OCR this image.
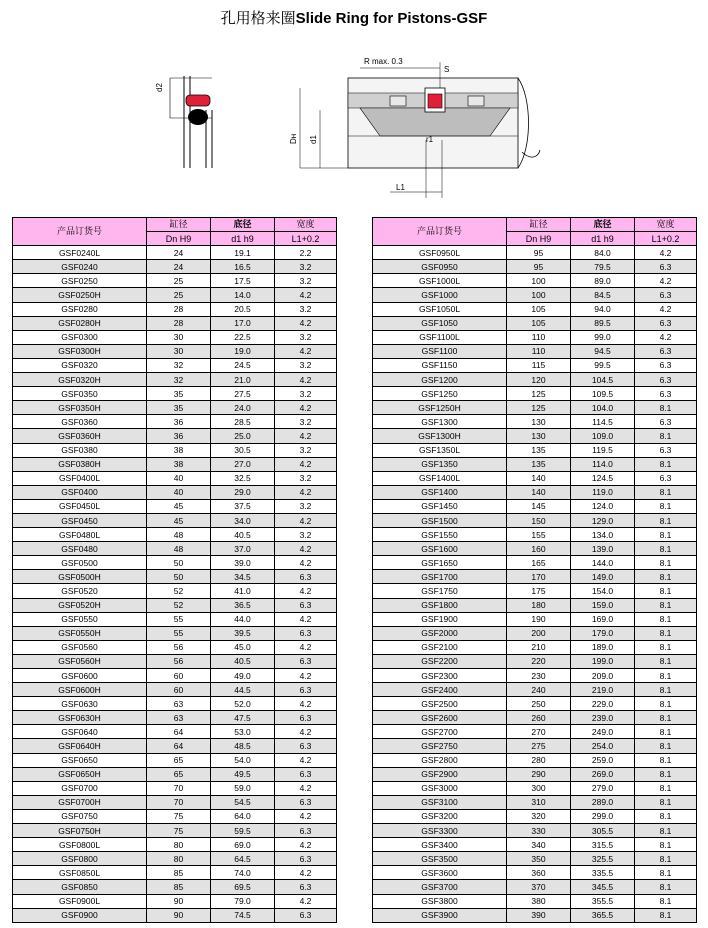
孔用格来圈Slide Ring for Pistons-GSF
d2
R max. 0.3
S
Dн d1	r1
L1
产品订货号	缸径	底径	宽度
	Dn H9	d1 h9	L1+0.2
GSF0240L	24	19.1	2.2
GSF0240	24	16.5	3.2
GSF0250	25	17.5	3.2
GSF0250H	25	14.0	4.2
GSF0280	28	20.5	3.2
GSF0280H	28	17.0	4.2
GSF0300	30	22.5	3.2
GSF0300H	30	19.0	4.2
GSF0320	32	24.5	3.2
GSF0320H	32	21.0	4.2
GSF0350	35	27.5	3.2
GSF0350H	35	24.0	4.2
GSF0360	36	28.5	3.2
GSF0360H	36	25.0	4.2
GSF0380	38	30.5	3.2
GSF0380H	38	27.0	4.2
GSF0400L	40	32.5	3.2
GSF0400	40	29.0	4.2
GSF0450L	45	37.5	3.2
GSF0450	45	34.0	4.2
GSF0480L	48	40.5	3.2
GSF0480	48	37.0	4.2
GSF0500	50	39.0	4.2
GSF0500H	50	34.5	6.3
GSF0520	52	41.0	4.2
GSF0520H	52	36.5	6.3
GSF0550	55	44.0	4.2
GSF0550H	55	39.5	6.3
GSF0560	56	45.0	4.2
GSF0560H	56	40.5	6.3
GSF0600	60	49.0	4.2
GSF0600H	60	44.5	6.3
GSF0630	63	52.0	4.2
GSF0630H	63	47.5	6.3
GSF0640	64	53.0	4.2
GSF0640H	64	48.5	6.3
GSF0650	65	54.0	4.2
GSF0650H	65	49.5	6.3
GSF0700	70	59.0	4.2
GSF0700H	70	54.5	6.3
GSF0750	75	64.0	4.2
GSF0750H	75	59.5	6.3
GSF0800L	80	69.0	4.2
GSF0800	80	64.5	6.3
GSF0850L	85	74.0	4.2
GSF0850	85	69.5	6.3
GSF0900L	90	79.0	4.2
GSF0900	90	74.5	6.3
产品订货号	缸径	底径	宽度
	Dn H9	d1 h9	L1+0.2
GSF0950L	95	84.0	4.2
GSF0950	95	79.5	6.3
GSF1000L	100	89.0	4.2
GSF1000	100	84.5	6.3
GSF1050L	105	94.0	4.2
GSF1050	105	89.5	6.3
GSF1100L	110	99.0	4.2
GSF1100	110	94.5	6.3
GSF1150	115	99.5	6.3
GSF1200	120	104.5	6.3
GSF1250	125	109.5	6.3
GSF1250H	125	104.0	8.1
GSF1300	130	114.5	6.3
GSF1300H	130	109.0	8.1
GSF1350L	135	119.5	6.3
GSF1350	135	114.0	8.1
GSF1400L	140	124.5	6.3
GSF1400	140	119.0	8.1
GSF1450	145	124.0	8.1
GSF1500	150	129.0	8.1
GSF1550	155	134.0	8.1
GSF1600	160	139.0	8.1
GSF1650	165	144.0	8.1
GSF1700	170	149.0	8.1
GSF1750	175	154.0	8.1
GSF1800	180	159.0	8.1
GSF1900	190	169.0	8.1
GSF2000	200	179.0	8.1
GSF2100	210	189.0	8.1
GSF2200	220	199.0	8.1
GSF2300	230	209.0	8.1
GSF2400	240	219.0	8.1
GSF2500	250	229.0	8.1
GSF2600	260	239.0	8.1
GSF2700	270	249.0	8.1
GSF2750	275	254.0	8.1
GSF2800	280	259.0	8.1
GSF2900	290	269.0	8.1
GSF3000	300	279.0	8.1
GSF3100	310	289.0	8.1
GSF3200	320	299.0	8.1
GSF3300	330	305.5	8.1
GSF3400	340	315.5	8.1
GSF3500	350	325.5	8.1
GSF3600	360	335.5	8.1
GSF3700	370	345.5	8.1
GSF3800	380	355.5	8.1
GSF3900	390	365.5	8.1
